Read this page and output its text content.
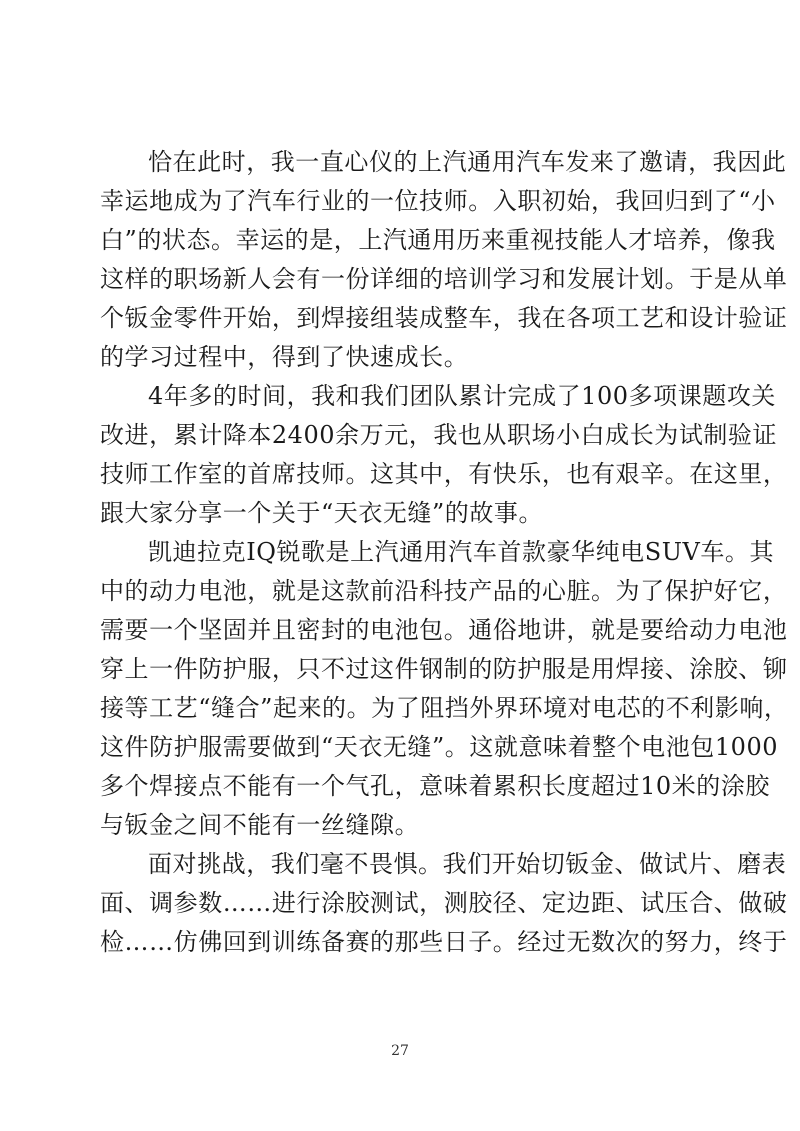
恰在此时，我一直心仪的上汽通用汽车发来了邀请，我因此

幸运地成为了汽车行业的一位技师。入职初始，我回归到了“小

白”的状态。幸运的是，上汽通用历来重视技能人才培养，像我

这样的职场新人会有一份详细的培训学习和发展计划。于是从单

个钣金零件开始，到焊接组装成整车，我在各项工艺和设计验证

的学习过程中，得到了快速成长。

4年多的时间，我和我们团队累计完成了100多项课题攻关

改进，累计降本2400余万元，我也从职场小白成长为试制验证

技师工作室的首席技师。这其中，有快乐，也有艰辛。在这里，

跟大家分享一个关于“天衣无缝”的故事。

凯迪拉克IQ锐歌是上汽通用汽车首款豪华纯电SUV车。其

中的动力电池，就是这款前沿科技产品的心脏。为了保护好它，

需要一个坚固并且密封的电池包。通俗地讲，就是要给动力电池

穿上一件防护服，只不过这件钢制的防护服是用焊接、涂胶、铆

接等工艺“缝合”起来的。为了阻挡外界环境对电芯的不利影响，

这件防护服需要做到“天衣无缝”。这就意味着整个电池包1000

多个焊接点不能有一个气孔，意味着累积长度超过10米的涂胶

与钣金之间不能有一丝缝隙。

面对挑战，我们毫不畏惧。我们开始切钣金、做试片、磨表

面、调参数……进行涂胶测试，测胶径、定边距、试压合、做破

检……仿佛回到训练备赛的那些日子。经过无数次的努力，终于

27
